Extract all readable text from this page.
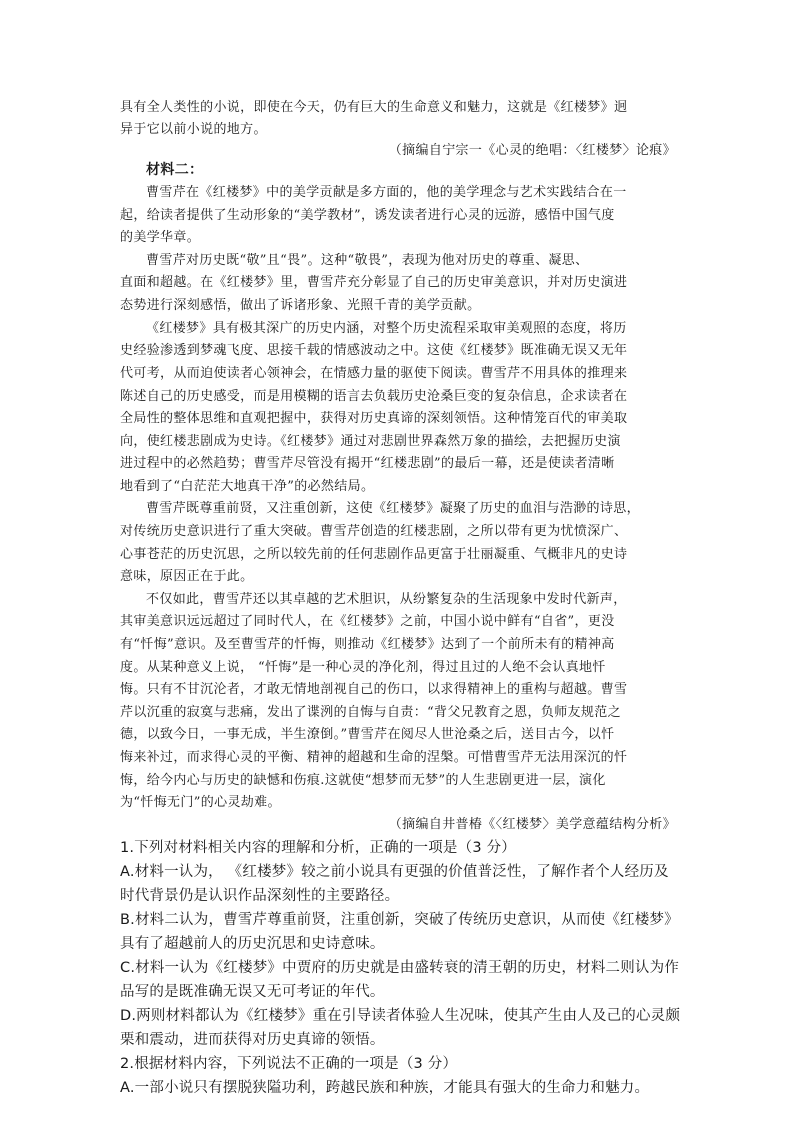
具有全人类性的小说，即使在今天，仍有巨大的生命意义和魅力，这就是《红楼梦》迥
异于它以前小说的地方。
（摘编自宁宗一《心灵的绝唱：〈红楼梦〉论痕》
材料二：
曹雪芹在《红楼梦》中的美学贡献是多方面的，他的美学理念与艺术实践结合在一
起，给读者提供了生动形象的“美学教材”，诱发读者进行心灵的远游，感悟中国气度
的美学华章。
曹雪芹对历史既“敬”且“畏”。这种“敬畏”，表现为他对历史的尊重、凝思、
直面和超越。在《红楼梦》里，曹雪芹充分彰显了自己的历史审美意识，并对历史演进
态势进行深刻感悟，做出了诉诸形象、光照千青的美学贡献。
《红楼梦》具有极其深广的历史内涵，对整个历史流程采取审美观照的态度，将历
史经验渗透到梦魂飞度、思接千载的情感波动之中。这使《红楼梦》既准确无误又无年
代可考，从而迫使读者心领神会，在情感力量的驱使下阅读。曹雪芹不用具体的推理来
陈述自己的历史感受，而是用模糊的语言去负载历史沧桑巨变的复杂信息，企求读者在
全局性的整体思维和直观把握中，获得对历史真谛的深刻领悟。这种情笼百代的审美取
向，使红楼悲剧成为史诗。《红楼梦》通过对悲剧世界森然万象的描绘，去把握历史演
进过程中的必然趋势；曹雪芹尽管没有揭开“红楼悲剧”的最后一幕，还是使读者清晰
地看到了“白茫茫大地真干净”的必然结局。
曹雪芹既尊重前贤，又注重创新，这使《红楼梦》凝聚了历史的血泪与浩渺的诗思，
对传统历史意识进行了重大突破。曹雪芹创造的红楼悲剧，之所以带有更为忧愤深广、
心事苍茫的历史沉思，之所以较先前的任何悲剧作品更富于壮丽凝重、气概非凡的史诗
意味，原因正在于此。
不仅如此，曹雪芹还以其卓越的艺术胆识，从纷繁复杂的生活现象中发时代新声，
其审美意识远远超过了同时代人，在《红楼梦》之前，中国小说中鲜有“自省”，更没
有“忏悔”意识。及至曹雪芹的忏悔，则推动《红楼梦》达到了一个前所未有的精神高
度。从某种意义上说， “忏悔”是一种心灵的净化剂，得过且过的人绝不会认真地忏
悔。只有不甘沉沦者，才敢无情地剖视自己的伤口，以求得精神上的重构与超越。曹雪
芹以沉重的寂寞与悲痛，发出了谍洌的自悔与自责：“背父兄教育之恩，负师友规范之
德，以致今日，一事无成，半生潦倒。”曹雪芹在阅尽人世沧桑之后，送目古今，以忏
悔来补过，而求得心灵的平衡、精神的超越和生命的涅槃。可惜曹雪芹无法用深沉的忏
悔，给今内心与历史的缺憾和伤痕.这就使“想梦而无梦”的人生悲剧更进一层，演化
为“忏悔无门”的心灵劫难。
（摘编自井普椿《〈红楼梦〉美学意蕴结构分析》
1.下列对材料相关内容的理解和分析，正确的一项是（3 分）
A.材料一认为， 《红楼梦》较之前小说具有更强的价值普泛性，了解作者个人经历及
时代背景仍是认识作品深刻性的主要路径。
B.材料二认为，曹雪芹尊重前贤，注重创新，突破了传统历史意识，从而使《红楼梦》
具有了超越前人的历史沉思和史诗意味。
C.材料一认为《红楼梦》中贾府的历史就是由盛转衰的清王朝的历史，材料二则认为作
品写的是既准确无误又无可考证的年代。
D.两则材料都认为《红楼梦》重在引导读者体验人生况味，使其产生由人及己的心灵颇
栗和震动，进而获得对历史真谛的领悟。
2.根据材料内容，下列说法不正确的一项是（3 分）
A.一部小说只有摆脱狭隘功利，跨越民族和种族，才能具有强大的生命力和魅力。
